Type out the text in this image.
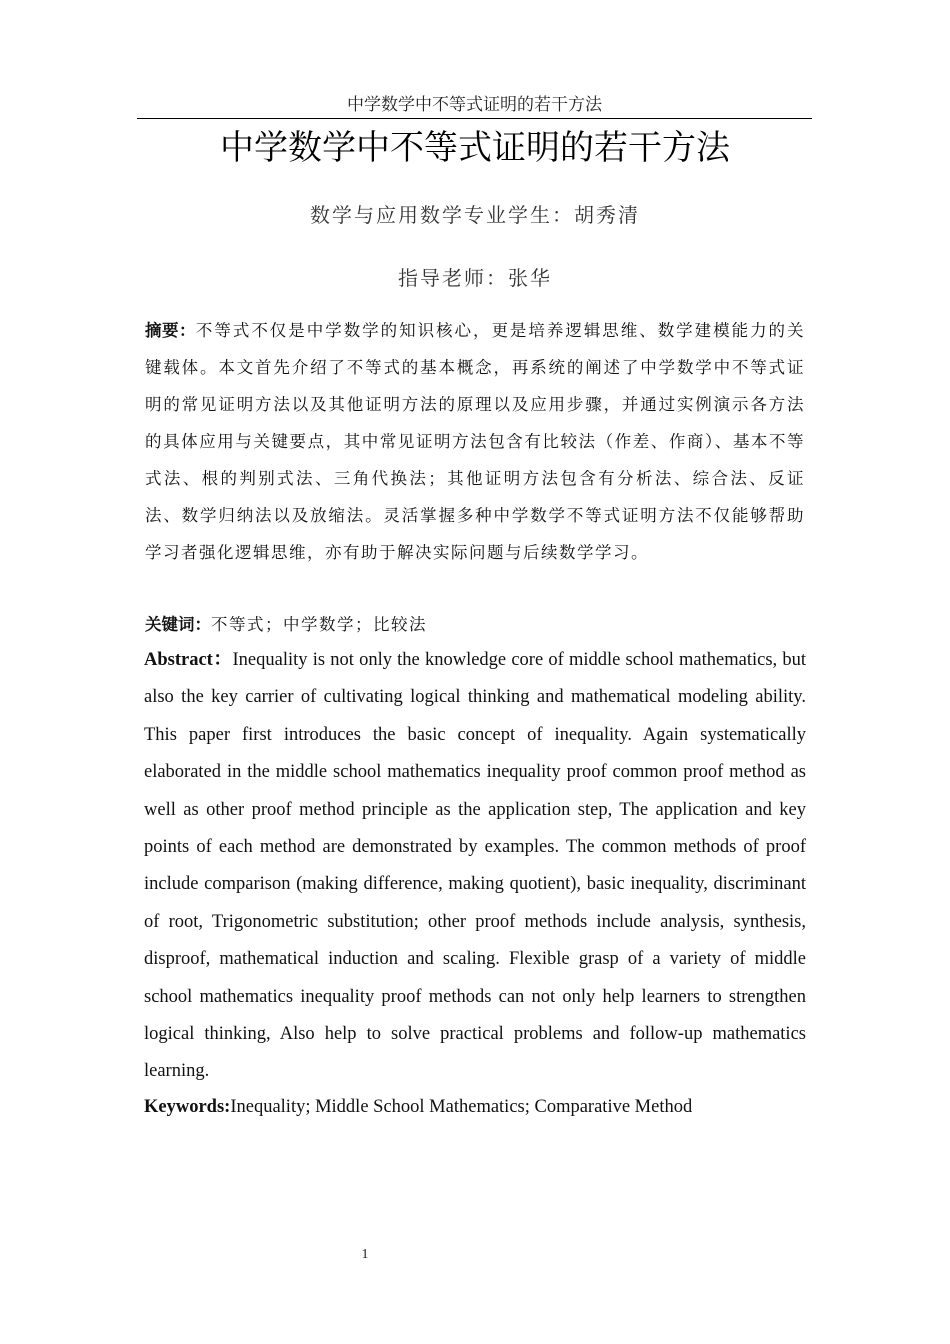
中学数学中不等式证明的若干方法
中学数学中不等式证明的若干方法
数学与应用数学专业学生：胡秀清
指导老师：张华
摘要：不等式不仅是中学数学的知识核心，更是培养逻辑思维、数学建模能力的关键载体。本文首先介绍了不等式的基本概念，再系统的阐述了中学数学中不等式证明的常见证明方法以及其他证明方法的原理以及应用步骤，并通过实例演示各方法的具体应用与关键要点，其中常见证明方法包含有比较法（作差、作商）、基本不等式法、根的判别式法、三角代换法；其他证明方法包含有分析法、综合法、反证法、数学归纳法以及放缩法。灵活掌握多种中学数学不等式证明方法不仅能够帮助学习者强化逻辑思维，亦有助于解决实际问题与后续数学学习。
关键词：不等式；中学数学；比较法
Abstract：Inequality is not only the knowledge core of middle school mathematics, but also the key carrier of cultivating logical thinking and mathematical modeling ability. This paper first introduces the basic concept of inequality. Again systematically elaborated in the middle school mathematics inequality proof common proof method as well as other proof method principle as the application step, The application and key points of each method are demonstrated by examples. The common methods of proof include comparison (making difference, making quotient), basic inequality, discriminant of root, Trigonometric substitution; other proof methods include analysis, synthesis, disproof, mathematical induction and scaling. Flexible grasp of a variety of middle school mathematics inequality proof methods can not only help learners to strengthen logical thinking, Also help to solve practical problems and follow-up mathematics learning.
Keywords:Inequality; Middle School Mathematics; Comparative Method
1
